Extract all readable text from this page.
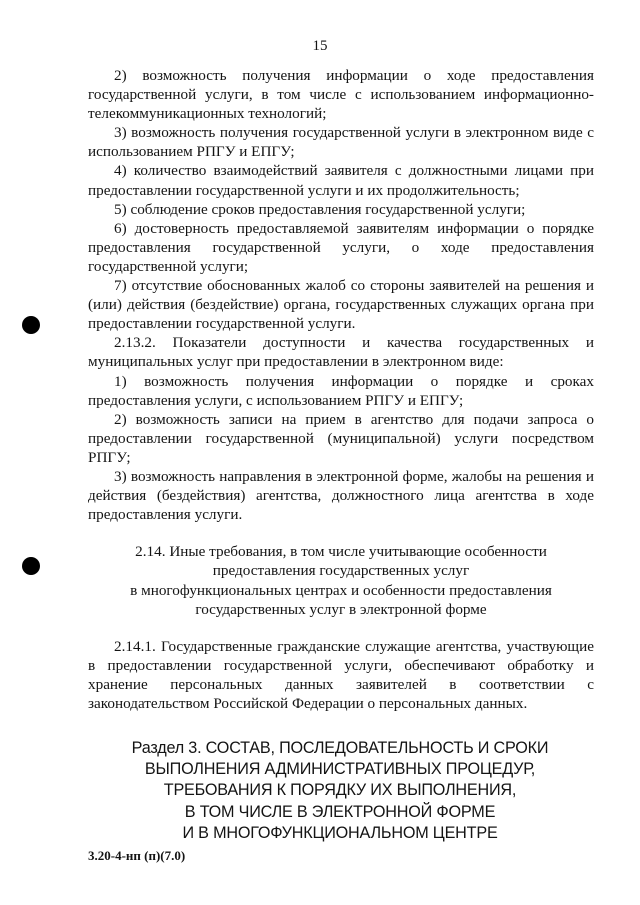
15

2) возможность получения информации о ходе предоставления государственной услуги, в том числе с использованием информационно-телекоммуникационных технологий;

3) возможность получения государственной услуги в электронном виде с использованием РПГУ и ЕПГУ;

4) количество взаимодействий заявителя с должностными лицами при предоставлении государственной услуги и их продолжительность;

5) соблюдение сроков предоставления государственной услуги;

6) достоверность предоставляемой заявителям информации о порядке предоставления государственной услуги, о ходе предоставления государственной услуги;

7) отсутствие обоснованных жалоб со стороны заявителей на решения и (или) действия (бездействие) органа, государственных служащих органа при предоставлении государственной услуги.

2.13.2. Показатели доступности и качества государственных и муниципальных услуг при предоставлении в электронном виде:

1) возможность получения информации о порядке и сроках предоставления услуги, с использованием РПГУ и ЕПГУ;

2) возможность записи на прием в агентство для подачи запроса о предоставлении государственной (муниципальной) услуги посредством РПГУ;

3) возможность направления в электронной форме, жалобы на решения и действия (бездействия) агентства, должностного лица агентства в ходе предоставления услуги.

2.14. Иные требования, в том числе учитывающие особенности
предоставления государственных услуг
в многофункциональных центрах и особенности предоставления
государственных услуг в электронной форме

2.14.1. Государственные гражданские служащие агентства, участвующие в предоставлении государственной услуги, обеспечивают обработку и хранение персональных данных заявителей в соответствии с законодательством Российской Федерации о персональных данных.

Раздел 3. СОСТАВ, ПОСЛЕДОВАТЕЛЬНОСТЬ И СРОКИ
ВЫПОЛНЕНИЯ АДМИНИСТРАТИВНЫХ ПРОЦЕДУР,
ТРЕБОВАНИЯ К ПОРЯДКУ ИХ ВЫПОЛНЕНИЯ,
В ТОМ ЧИСЛЕ В ЭЛЕКТРОННОЙ ФОРМЕ
И В МНОГОФУНКЦИОНАЛЬНОМ ЦЕНТРЕ
3.20-4-нп (п)(7.0)
